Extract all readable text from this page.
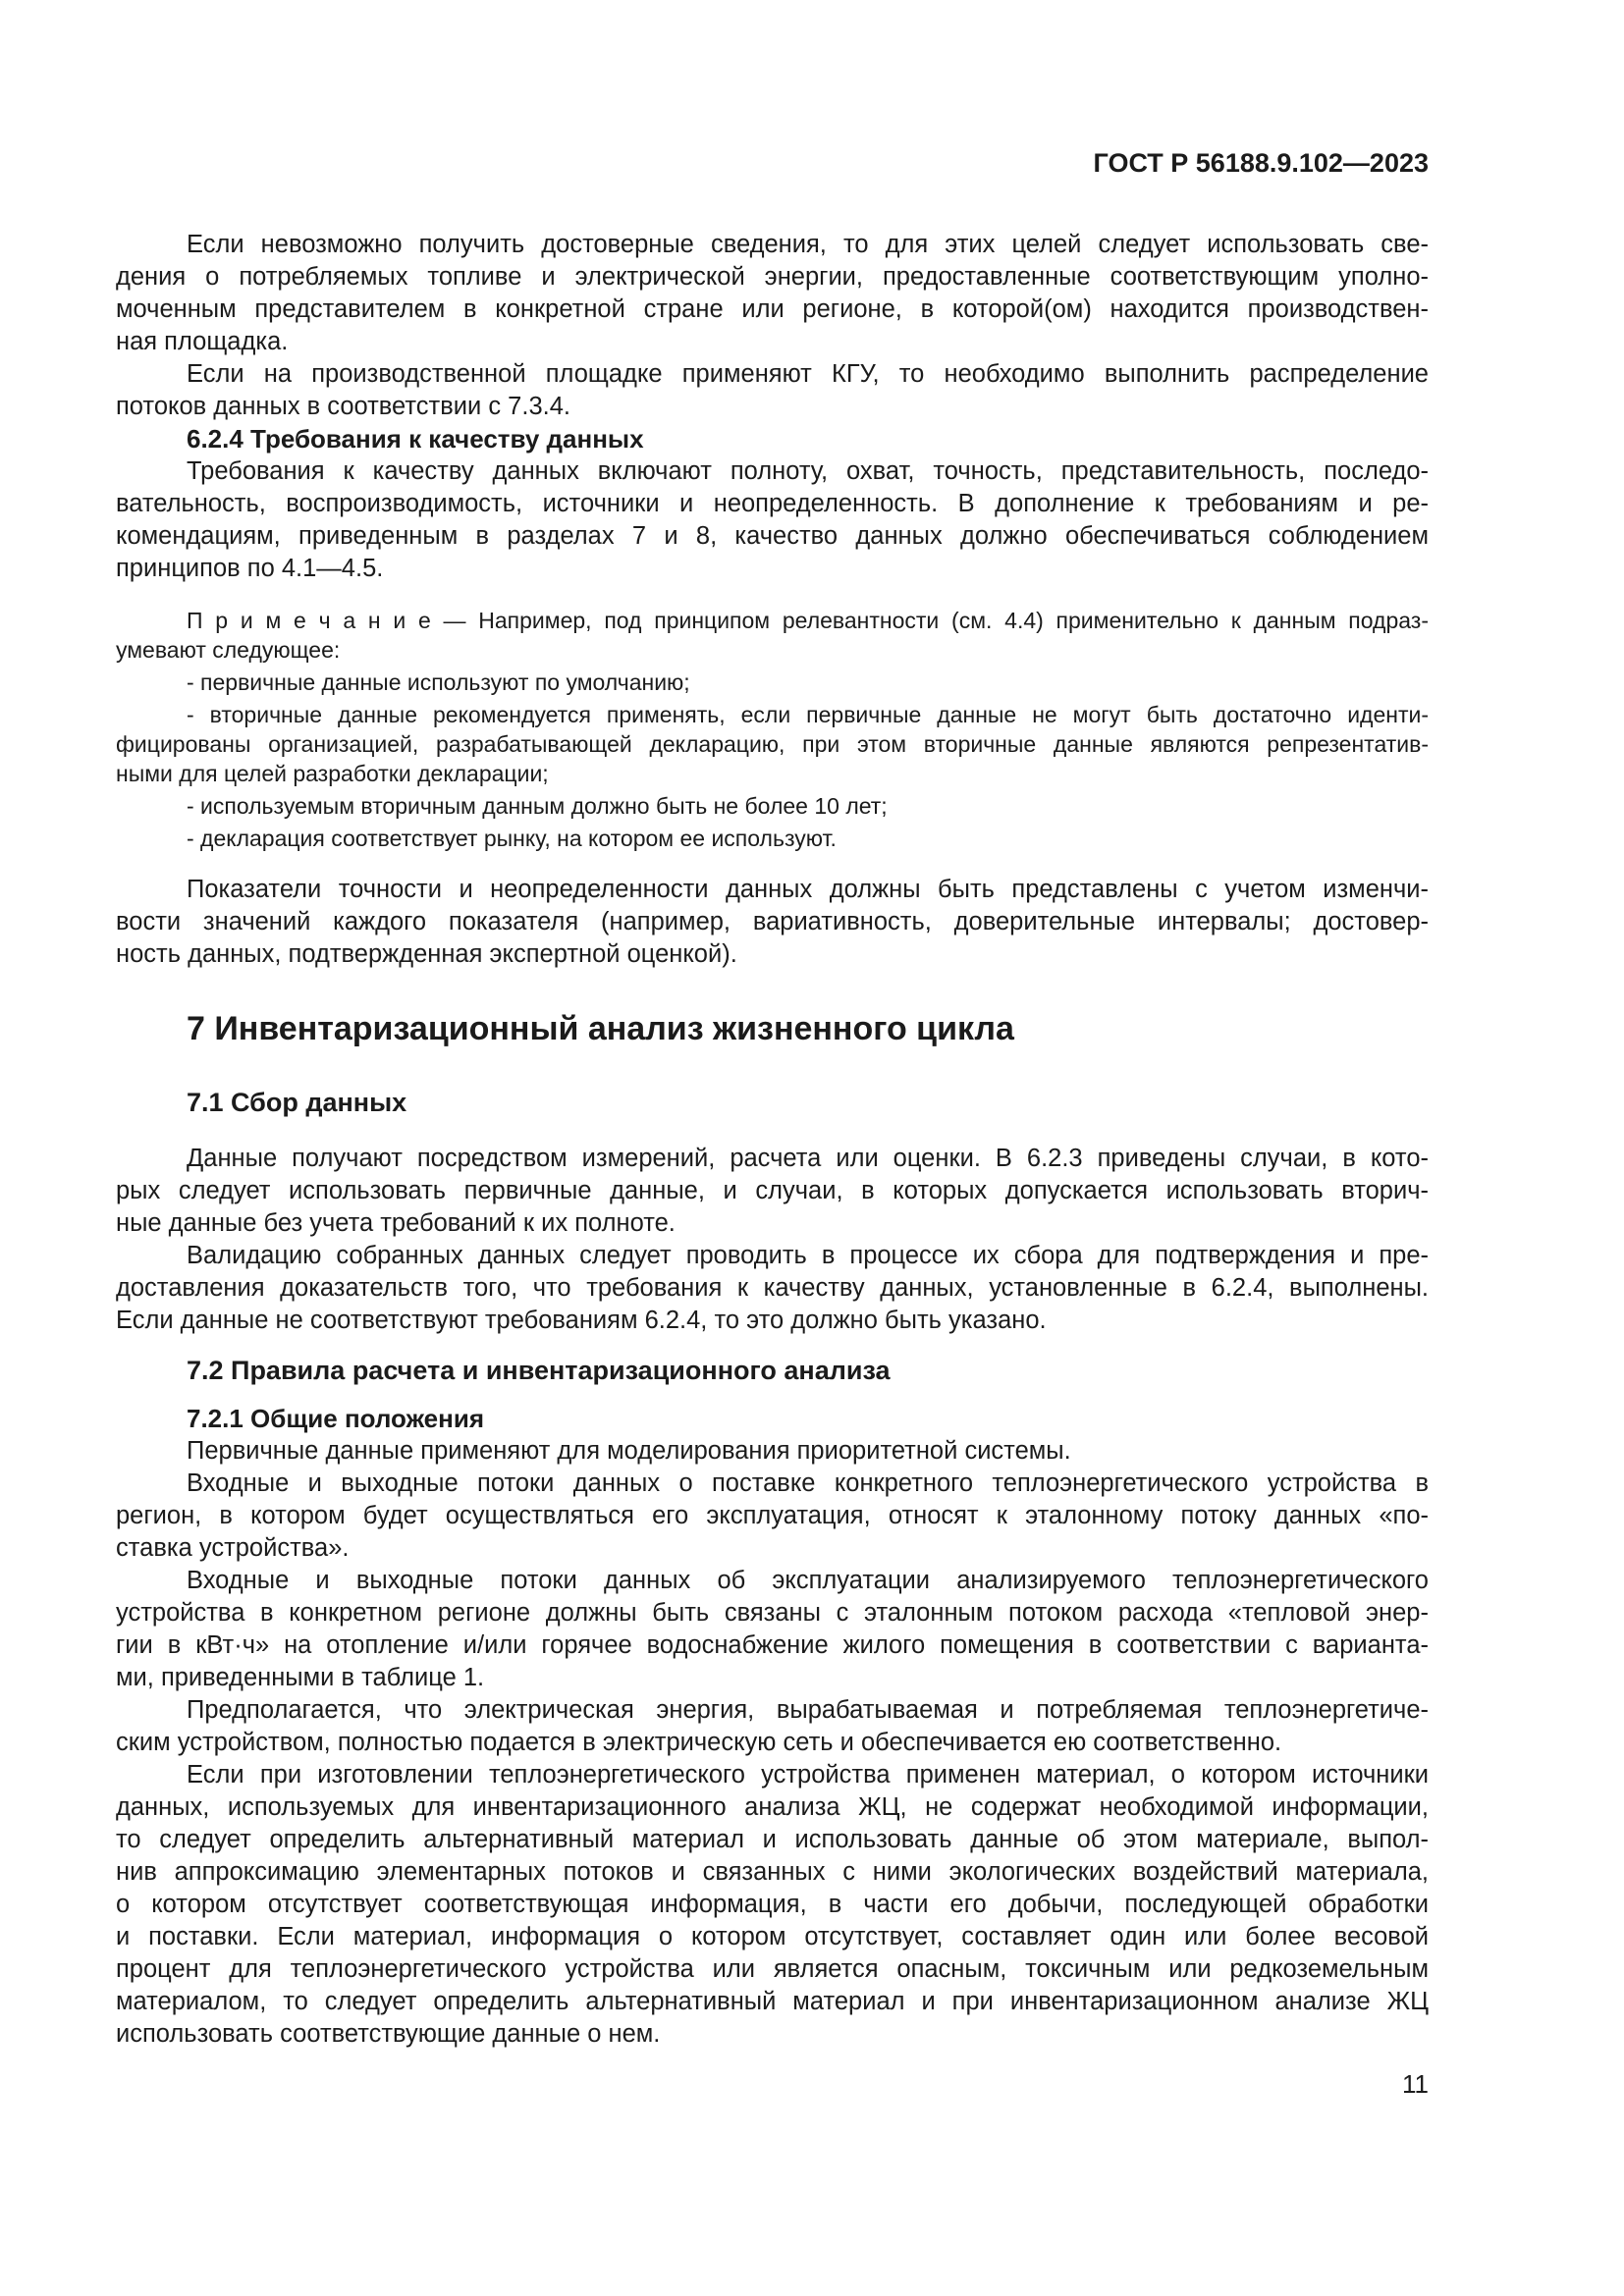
ГОСТ Р 56188.9.102—2023
Если невозможно получить достоверные сведения, то для этих целей следует использовать све-
дения о потребляемых топливе и электрической энергии, предоставленные соответствующим уполно-
моченным представителем в конкретной стране или регионе, в которой(ом) находится производствен-
ная площадка.
Если на производственной площадке применяют КГУ, то необходимо выполнить распределение
потоков данных в соответствии с 7.3.4.
6.2.4 Требования к качеству данных
Требования к качеству данных включают полноту, охват, точность, представительность, последо-
вательность, воспроизводимость, источники и неопределенность. В дополнение к требованиям и ре-
комендациям, приведенным в разделах 7 и 8, качество данных должно обеспечиваться соблюдением
принципов по 4.1—4.5.
П р и м е ч а н и е — Например, под принципом релевантности (см. 4.4) применительно к данным подраз-
умевают следующее:
- первичные данные используют по умолчанию;
- вторичные данные рекомендуется применять, если первичные данные не могут быть достаточно иденти-
фицированы организацией, разрабатывающей декларацию, при этом вторичные данные являются репрезентатив-
ными для целей разработки декларации;
- используемым вторичным данным должно быть не более 10 лет;
- декларация соответствует рынку, на котором ее используют.
Показатели точности и неопределенности данных должны быть представлены с учетом изменчи-
вости значений каждого показателя (например, вариативность, доверительные интервалы; достовер-
ность данных, подтвержденная экспертной оценкой).
7 Инвентаризационный анализ жизненного цикла
7.1 Сбор данных
Данные получают посредством измерений, расчета или оценки. В 6.2.3 приведены случаи, в кото-
рых следует использовать первичные данные, и случаи, в которых допускается использовать вторич-
ные данные без учета требований к их полноте.
Валидацию собранных данных следует проводить в процессе их сбора для подтверждения и пре-
доставления доказательств того, что требования к качеству данных, установленные в 6.2.4, выполнены.
Если данные не соответствуют требованиям 6.2.4, то это должно быть указано.
7.2 Правила расчета и инвентаризационного анализа
7.2.1 Общие положения
Первичные данные применяют для моделирования приоритетной системы.
Входные и выходные потоки данных о поставке конкретного теплоэнергетического устройства в
регион, в котором будет осуществляться его эксплуатация, относят к эталонному потоку данных «по-
ставка устройства».
Входные и выходные потоки данных об эксплуатации анализируемого теплоэнергетического
устройства в конкретном регионе должны быть связаны с эталонным потоком расхода «тепловой энер-
гии в кВт·ч» на отопление и/или горячее водоснабжение жилого помещения в соответствии с варианта-
ми, приведенными в таблице 1.
Предполагается, что электрическая энергия, вырабатываемая и потребляемая теплоэнергетиче-
ским устройством, полностью подается в электрическую сеть и обеспечивается ею соответственно.
Если при изготовлении теплоэнергетического устройства применен материал, о котором источники
данных, используемых для инвентаризационного анализа ЖЦ, не содержат необходимой информации,
то следует определить альтернативный материал и использовать данные об этом материале, выпол-
нив аппроксимацию элементарных потоков и связанных с ними экологических воздействий материала,
о котором отсутствует соответствующая информация, в части его добычи, последующей обработки
и поставки. Если материал, информация о котором отсутствует, составляет один или более весовой
процент для теплоэнергетического устройства или является опасным, токсичным или редкоземельным
материалом, то следует определить альтернативный материал и при инвентаризационном анализе ЖЦ
использовать соответствующие данные о нем.
11
